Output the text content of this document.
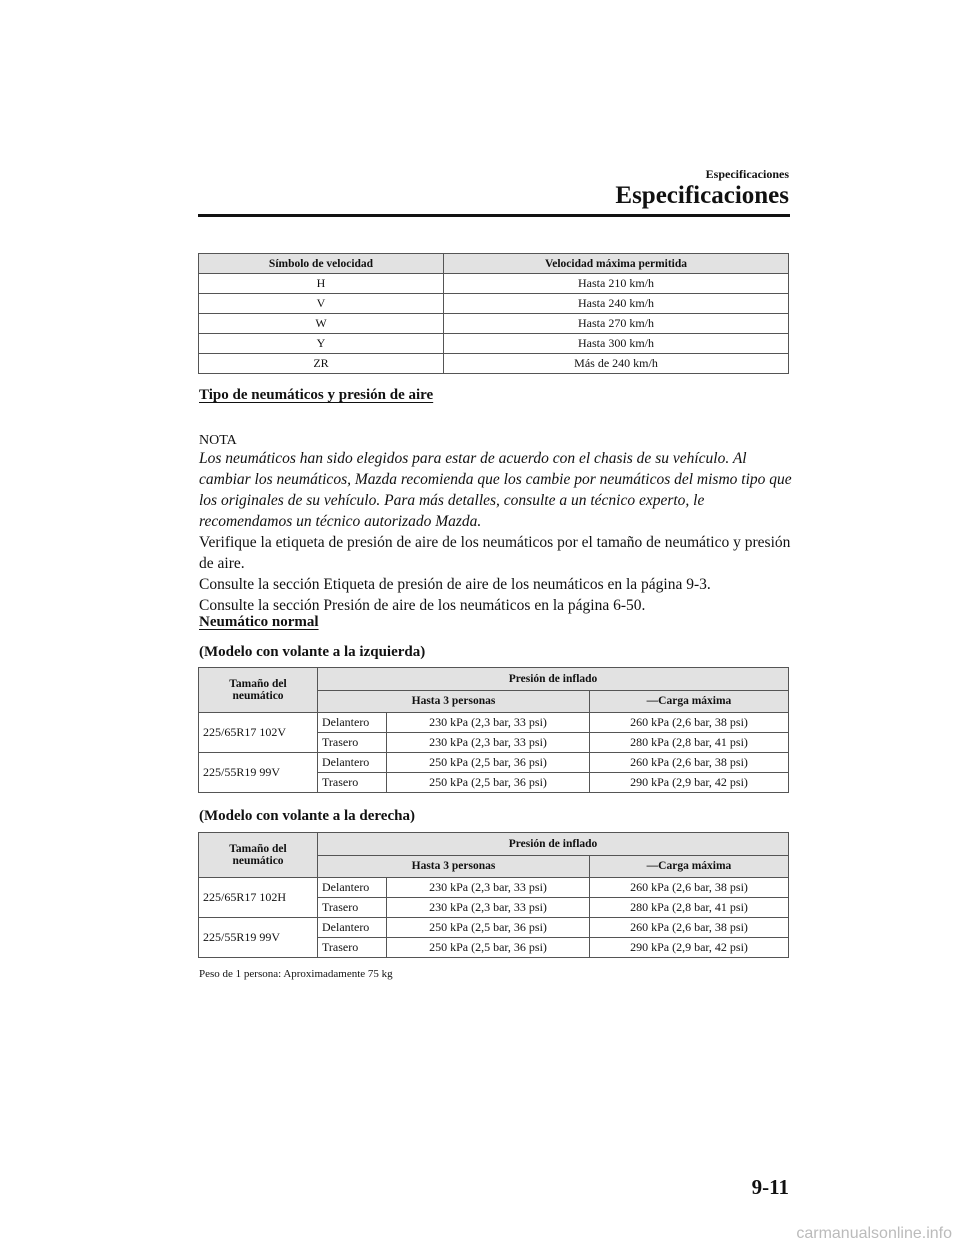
Especificaciones
Especificaciones
Símbolo de velocidad	Velocidad máxima permitida
H	Hasta 210 km/h
V	Hasta 240 km/h
W	Hasta 270 km/h
Y	Hasta 300 km/h
ZR	Más de 240 km/h
Tipo de neumáticos y presión de aire
NOTA
Los neumáticos han sido elegidos para estar de acuerdo con el chasis de su vehículo. Al cambiar los neumáticos, Mazda recomienda que los cambie por neumáticos del mismo tipo que los originales de su vehículo. Para más detalles, consulte a un técnico experto, le recomendamos un técnico autorizado Mazda.
Verifique la etiqueta de presión de aire de los neumáticos por el tamaño de neumático y presión de aire.
Consulte la sección Etiqueta de presión de aire de los neumáticos en la página 9-3.
Consulte la sección Presión de aire de los neumáticos en la página 6-50.
Neumático normal
(Modelo con volante a la izquierda)
Tamaño del neumático	Presión de inflado		
	Hasta 3 personas		―Carga máxima
225/65R17 102V	Delantero	230 kPa (2,3 bar, 33 psi)	260 kPa (2,6 bar, 38 psi)
	Trasero	230 kPa (2,3 bar, 33 psi)	280 kPa (2,8 bar, 41 psi)
225/55R19 99V	Delantero	250 kPa (2,5 bar, 36 psi)	260 kPa (2,6 bar, 38 psi)
	Trasero	250 kPa (2,5 bar, 36 psi)	290 kPa (2,9 bar, 42 psi)
(Modelo con volante a la derecha)
Tamaño del neumático	Presión de inflado		
	Hasta 3 personas		―Carga máxima
225/65R17 102H	Delantero	230 kPa (2,3 bar, 33 psi)	260 kPa (2,6 bar, 38 psi)
	Trasero	230 kPa (2,3 bar, 33 psi)	280 kPa (2,8 bar, 41 psi)
225/55R19 99V	Delantero	250 kPa (2,5 bar, 36 psi)	260 kPa (2,6 bar, 38 psi)
	Trasero	250 kPa (2,5 bar, 36 psi)	290 kPa (2,9 bar, 42 psi)
Peso de 1 persona: Aproximadamente 75 kg
9-11
carmanualsonline.info
